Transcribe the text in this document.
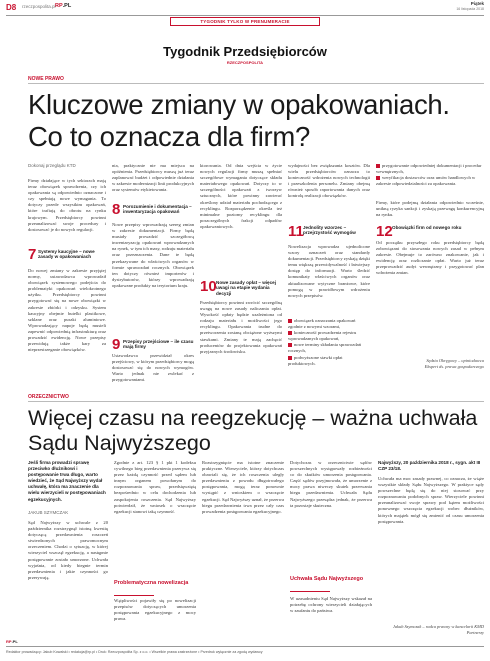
D8 rzeczpospolita.pl RP.PL	Piątek
16 listopada 2018
TYGODNIK TYLKO W PRENUMERACIE
Tygodnik Przedsiębiorców
RZECZPOSPOLITA
NOWE PRAWO
Kluczowe zmiany w opakowaniach.
Co to oznacza dla firm?
Dokonaj przeglądu KTD
Firmy działające w tych sektorach mają teraz obowiązek sprawdzenia, czy ich opakowania są odpowiednio oznaczone i czy spełniają nowe wymagania. To dotyczy przede wszystkim opakowań, które trafiają do obrotu na rynku krajowym. Przedsiębiorcy powinni przeanalizować swoje procedury i dostosować je do nowych regulacji.
7 Systemy kaucyjne – nowe zasady w opakowaniach
Do nowej zmiany w zakresie przyjętej normy, ustawodawca wprowadził obowiązek systemowego podejścia do problematyki opakowań wielokrotnego użytku. Przedsiębiorcy powinni przygotować się na nowe obowiązki w zakresie zbiórki i odzysku. System kaucyjny obejmie butelki plastikowe, szklane oraz puszki aluminiowe. Wprowadzający napoje będą musieli zapewnić odpowiednią infrastrukturę oraz prowadzić ewidencję. Nowe przepisy przewidują także kary za nieprzestrzeganie obowiązków.
nia, praktycznie nie ma miejsca na opóźnienia. Przedsiębiorcy muszą już teraz zaplanować budżet i odpowiednie działania w zakresie modernizacji linii produkcyjnych oraz systemów etykietowania.
8 Porozumienie i dokumentacja – inwentaryzacja opakowań
Nowe przepisy wprowadzają szereg zmian w zakresie dokumentacji. Firmy będą musiały prowadzić szczegółową inwentaryzację opakowań wprowadzanych na rynek, w tym ich masy, rodzaju materiału oraz przeznaczenia. Dane te będą przekazywane do właściwych organów w formie sprawozdań rocznych. Obowiązek ten dotyczy również importerów i dystrybutorów, którzy wprowadzają opakowane produkty na terytorium kraju.
9 Przepisy przejściowe – ile czasu mają firmy
Ustawodawca przewidział okres przejściowy, w którym przedsiębiorcy mogą dostosować się do nowych wymogów. Warto jednak nie zwlekać z przygotowaniami.
ktorowania. Od dnia wejścia w życie nowych regulacji firmy muszą spełniać szczegółowe wymagania dotyczące składu materiałowego opakowań. Dotyczy to w szczególności opakowań z tworzyw sztucznych, które powinny zawierać określony udział materiału pochodzącego z recyklingu. Rozporządzenie określa też minimalne poziomy recyklingu dla poszczególnych frakcji odpadów opakowaniowych.
10 Nowe zasady opłat – więcej uwagi na etapie wydania decyzji
Przedsiębiorcy powinni zwrócić szczególną uwagę na nowe zasady naliczania opłat. Wysokość opłaty będzie uzależniona od rodzaju materiału i możliwości jego recyklingu. Opakowania trudne do przetworzenia zostaną obciążone wyższymi stawkami. Zmiany te mają zachęcić producentów do projektowania opakowań przyjaznych środowisku.
wydajności bez zwiększania kosztów. Dla wielu przedsiębiorców oznacza to konieczność wdrożenia nowych technologii i przeszkolenia personelu. Zmiany obejmą również sposób raportowania danych oraz kontrolę realizacji obowiązków.
11 Jednolity wzorzec – przejrzystość wymogów
Nowelizacja wprowadza ujednolicone wzory oznaczeń oraz standardy dokumentacji. Przedsiębiorcy zyskają dzięki temu większą przewidywalność i łatwiejszy dostęp do informacji. Warto śledzić komunikaty właściwych organów oraz aktualizowane wytyczne branżowe, które pomogą w prawidłowym wdrożeniu nowych przepisów.
obowiązek oznaczania opakowań zgodnie z nowymi wzorami,
konieczność prowadzenia rejestru wprowadzanych opakowań,
nowe terminy składania sprawozdań rocznych,
podwyższone stawki opłat produktowych.
przygotowanie odpowiedniej dokumentacji i procedur wewnętrznych,
weryfikacja dostawców oraz umów handlowych w zakresie odpowiedzialności za opakowania.
Firmy, które podejmą działania odpowiednio wcześnie, unikną ryzyka sankcji i zyskają przewagę konkurencyjną na rynku.
12 Obowiązki firm od nowego roku
Od początku przyszłego roku przedsiębiorcy będą zobowiązani do stosowania nowych zasad w pełnym zakresie. Obejmuje to zarówno znakowanie, jak i ewidencję oraz rozliczanie opłat. Warto już teraz przeprowadzić audyt wewnętrzny i przygotować plan wdrożenia zmian.
Sędzia Okręgowy – opiniodawca
Ekspert ds. prawa gospodarczego
ORZECZNICTWO
Więcej czasu na reegzekucję – ważna uchwała
Sądu Najwyższego
Jeśli firma prowadzi sprawę przeciwko dłużnikowi i postępowanie trwa długo, warto wiedzieć, że Sąd Najwyższy wydał uchwałę, która ma znaczenie dla wielu wierzycieli w postępowaniach egzekucyjnych.
JAKUB SZYMCZAK
Sąd Najwyższy w uchwale z 20 października rozstrzygnął istotną kwestię dotyczącą przedawnienia roszczeń stwierdzonych prawomocnym orzeczeniem. Chodzi o sytuację, w której wierzyciel wszczął egzekucję, a następnie postępowanie zostało umorzone. Uchwała wyjaśnia, od kiedy biegnie termin przedawnienia i jakie czynności go przerywają.
Zgodnie z art. 123 § 1 pkt 1 kodeksu cywilnego bieg przedawnienia przerywa się przez każdą czynność przed sądem lub innym organem powołanym do rozpoznawania spraw, przedsięwziętą bezpośrednio w celu dochodzenia lub zaspokojenia roszczenia. Sąd Najwyższy potwierdził, że wniosek o wszczęcie egzekucji stanowi taką czynność.
Problematyczna nowelizacja
Wątpliwości pojawiły się po nowelizacji przepisów dotyczących umorzenia postępowania egzekucyjnego z mocy prawa.
Rozstrzygnięcie ma istotne znaczenie praktyczne. Wierzyciele, którzy dotychczas obawiali się, że ich roszczenia uległy przedawnieniu z powodu długotrwałego postępowania, mogą teraz ponownie wystąpić z wnioskiem o wszczęcie egzekucji. Sąd Najwyższy uznał, że przerwa biegu przedawnienia trwa przez cały czas prowadzenia postępowania egzekucyjnego.
Dotychczas w orzecznictwie sądów powszechnych występowały rozbieżności co do skutków umorzenia postępowania. Część sądów przyjmowała, że umorzenie z mocy prawa niweczy skutek przerwania biegu przedawnienia. Uchwała Sądu Najwyższego przesądza jednak, że przerwa ta pozostaje skuteczna.
Uchwała Sądu Najwyższego
W uzasadnieniu Sąd Najwyższy wskazał na potrzebę ochrony wierzycieli działających w zaufaniu do państwa.
Najwyższy, 20 października 2018 r., sygn. akt III CZP 23/18.
Uchwała ma moc zasady prawnej, co oznacza, że wiąże wszystkie składy Sądu Najwyższego. W praktyce sądy powszechne będą się do niej stosować przy rozpoznawaniu podobnych spraw. Wierzyciele powinni przeanalizować swoje sprawy pod kątem możliwości ponownego wszczęcia egzekucji wobec dłużników, których majątek mógł się zmienić od czasu umorzenia postępowania.
Jakub Szymczak – radca prawny w kancelarii KMD Partnerzy
RP.PL
Redaktor prowadzący: Jakub Kowalski • redakcja@rp.pl • Druk: Rzeczpospolita Sp. z o.o. • Wszelkie prawa zastrzeżone • Przedruk wyłącznie za zgodą wydawcy
